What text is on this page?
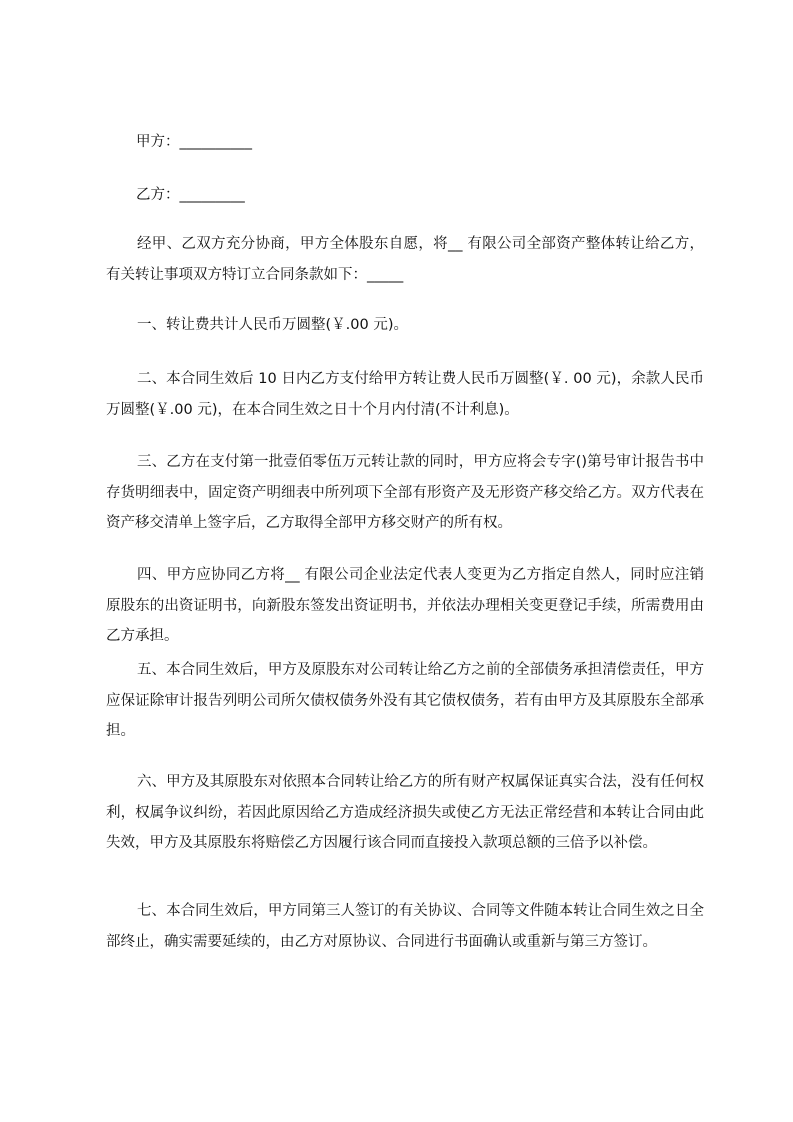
甲方：__________
乙方：_________

经甲、乙双方充分协商，甲方全体股东自愿，将__ 有限公司全部资产整体转让给乙方，有关转让事项双方特订立合同条款如下：_____

一、转让费共计人民币万圆整(￥.00 元)。

二、本合同生效后 10 日内乙方支付给甲方转让费人民币万圆整(￥. 00 元)，余款人民币万圆整(￥.00 元)，在本合同生效之日十个月内付清(不计利息)。

三、乙方在支付第一批壹佰零伍万元转让款的同时，甲方应将会专字()第号审计报告书中存货明细表中，固定资产明细表中所列项下全部有形资产及无形资产移交给乙方。双方代表在资产移交清单上签字后，乙方取得全部甲方移交财产的所有权。

四、甲方应协同乙方将__ 有限公司企业法定代表人变更为乙方指定自然人，同时应注销原股东的出资证明书，向新股东签发出资证明书，并依法办理相关变更登记手续，所需费用由乙方承担。

五、本合同生效后，甲方及原股东对公司转让给乙方之前的全部债务承担清偿责任，甲方应保证除审计报告列明公司所欠债权债务外没有其它债权债务，若有由甲方及其原股东全部承担。

六、甲方及其原股东对依照本合同转让给乙方的所有财产权属保证真实合法，没有任何权利，权属争议纠纷，若因此原因给乙方造成经济损失或使乙方无法正常经营和本转让合同由此失效，甲方及其原股东将赔偿乙方因履行该合同而直接投入款项总额的三倍予以补偿。

七、本合同生效后，甲方同第三人签订的有关协议、合同等文件随本转让合同生效之日全部终止，确实需要延续的，由乙方对原协议、合同进行书面确认或重新与第三方签订。
